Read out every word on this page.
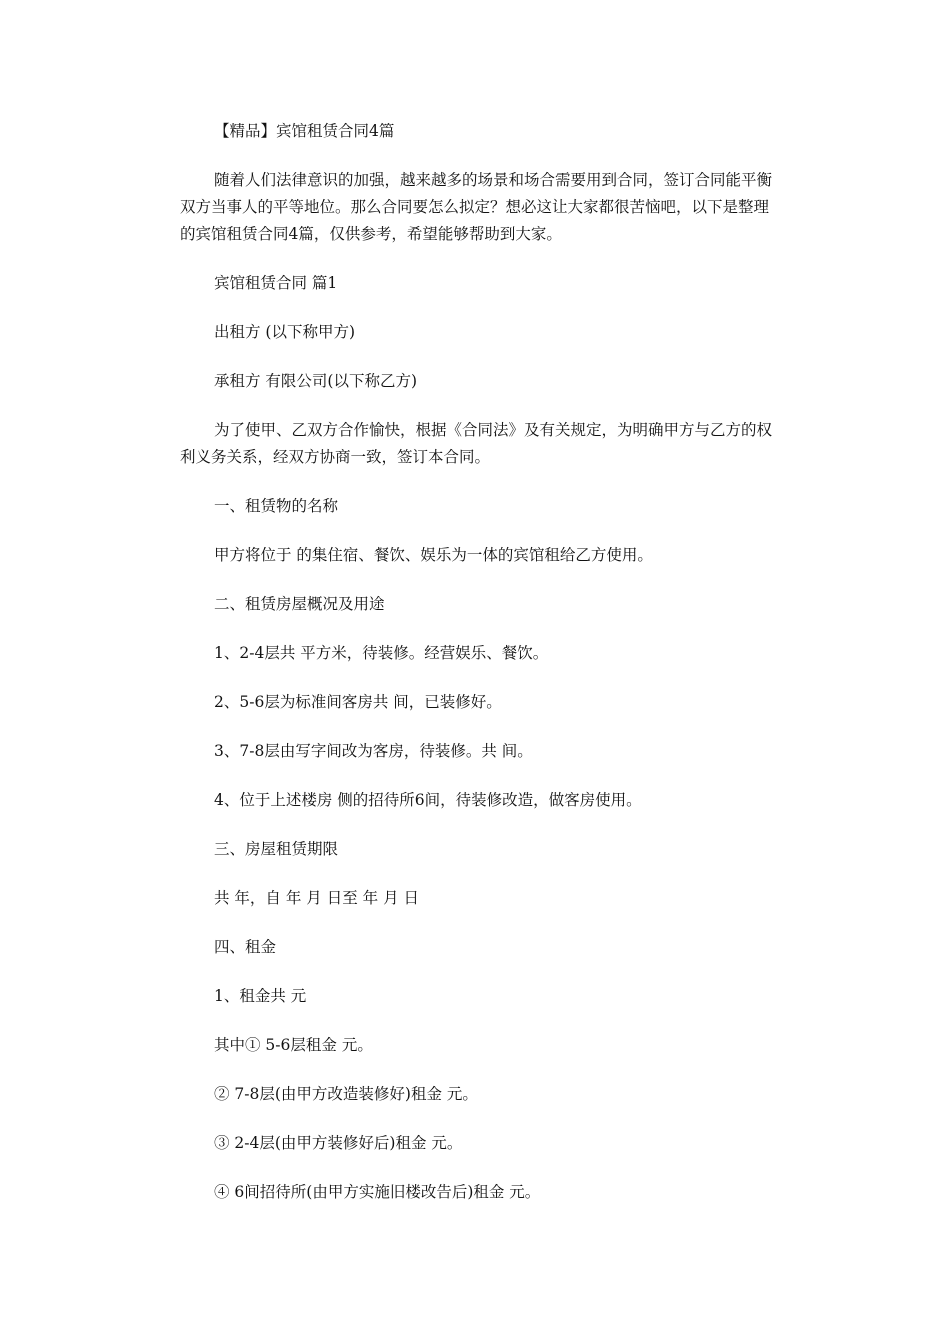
【精品】宾馆租赁合同4篇

随着人们法律意识的加强，越来越多的场景和场合需要用到合同，签订合同能平衡双方当事人的平等地位。那么合同要怎么拟定？想必这让大家都很苦恼吧，以下是整理的宾馆租赁合同4篇，仅供参考，希望能够帮助到大家。

宾馆租赁合同 篇1

出租方 (以下称甲方)

承租方 有限公司(以下称乙方)

为了使甲、乙双方合作愉快，根据《合同法》及有关规定，为明确甲方与乙方的权利义务关系，经双方协商一致，签订本合同。

一、租赁物的名称

甲方将位于 的集住宿、餐饮、娱乐为一体的宾馆租给乙方使用。

二、租赁房屋概况及用途

1、2-4层共 平方米，待装修。经营娱乐、餐饮。

2、5-6层为标准间客房共 间，已装修好。

3、7-8层由写字间改为客房，待装修。共 间。

4、位于上述楼房 侧的招待所6间，待装修改造，做客房使用。

三、房屋租赁期限

共 年，自 年 月 日至 年 月 日

四、租金

1、租金共 元

其中① 5-6层租金 元。

② 7-8层(由甲方改造装修好)租金 元。

③ 2-4层(由甲方装修好后)租金 元。

④ 6间招待所(由甲方实施旧楼改告后)租金 元。
